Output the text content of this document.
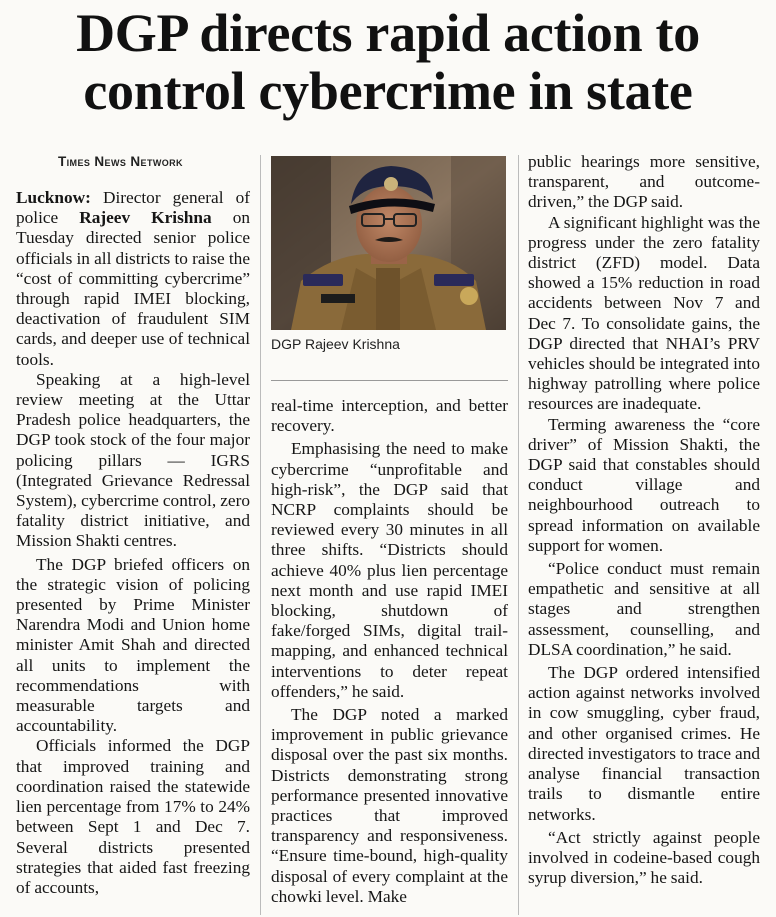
DGP directs rapid action to
control cybercrime in state
Times News Network

Lucknow: Director general of police Rajeev Krishna on Tuesday directed senior police officials in all districts to raise the “cost of committing cybercrime” through rapid IMEI blocking, deactivation of fraudulent SIM cards, and deeper use of technical tools.

Speaking at a high-level review meeting at the Uttar Pradesh police headquarters, the DGP took stock of the four major policing pillars — IGRS (Integrated Grievance Redressal System), cybercrime control, zero fatality district initiative, and Mission Shakti centres.

The DGP briefed officers on the strategic vision of policing presented by Prime Minister Narendra Modi and Union home minister Amit Shah and directed all units to implement the recommendations with measurable targets and accountability.

Officials informed the DGP that improved training and coordination raised the statewide lien percentage from 17% to 24% between Sept 1 and Dec 7. Several districts presented strategies that aided fast freezing of accounts,

DGP Rajeev Krishna

real-time interception, and better recovery.

Emphasising the need to make cybercrime “unprofitable and high-risk”, the DGP said that NCRP complaints should be reviewed every 30 minutes in all three shifts. “Districts should achieve 40% plus lien percentage next month and use rapid IMEI blocking, shutdown of fake/forged SIMs, digital trail-mapping, and enhanced technical interventions to deter repeat offenders,” he said.

The DGP noted a marked improvement in public grievance disposal over the past six months. Districts demonstrating strong performance presented innovative practices that improved transparency and responsiveness. “Ensure time-bound, high-quality disposal of every complaint at the chowki level. Make

public hearings more sensitive, transparent, and outcome-driven,” the DGP said.

A significant highlight was the progress under the zero fatality district (ZFD) model. Data showed a 15% reduction in road accidents between Nov 7 and Dec 7. To consolidate gains, the DGP directed that NHAI’s PRV vehicles should be integrated into highway patrolling where police resources are inadequate.

Terming awareness the “core driver” of Mission Shakti, the DGP said that constables should conduct village and neighbourhood outreach to spread information on available support for women.

“Police conduct must remain empathetic and sensitive at all stages and strengthen assessment, counselling, and DLSA coordination,” he said.

The DGP ordered intensified action against networks involved in cow smuggling, cyber fraud, and other organised crimes. He directed investigators to trace and analyse financial transaction trails to dismantle entire networks.

“Act strictly against people involved in codeine-based cough syrup diversion,” he said.
